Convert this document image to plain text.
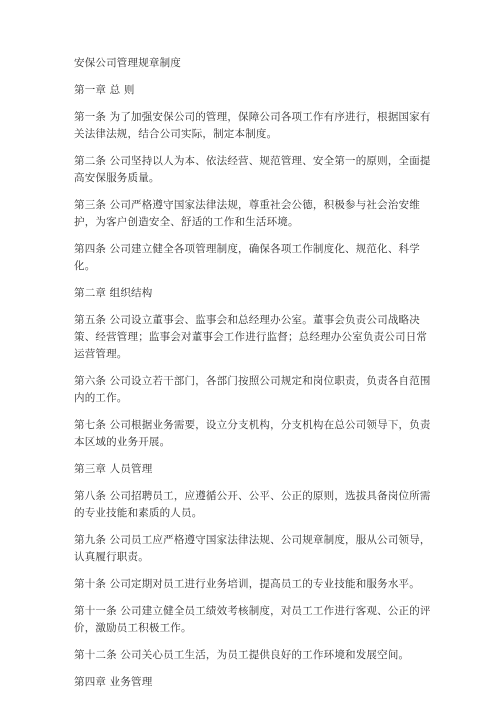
安保公司管理规章制度

第一章 总 则

第一条 为了加强安保公司的管理，保障公司各项工作有序进行，根据国家有关法律法规，结合公司实际，制定本制度。

第二条 公司坚持以人为本、依法经营、规范管理、安全第一的原则，全面提高安保服务质量。

第三条 公司严格遵守国家法律法规，尊重社会公德，积极参与社会治安维护，为客户创造安全、舒适的工作和生活环境。

第四条 公司建立健全各项管理制度，确保各项工作制度化、规范化、科学化。

第二章 组织结构

第五条 公司设立董事会、监事会和总经理办公室。董事会负责公司战略决策、经营管理；监事会对董事会工作进行监督；总经理办公室负责公司日常运营管理。

第六条 公司设立若干部门，各部门按照公司规定和岗位职责，负责各自范围内的工作。

第七条 公司根据业务需要，设立分支机构，分支机构在总公司领导下，负责本区域的业务开展。

第三章 人员管理

第八条 公司招聘员工，应遵循公开、公平、公正的原则，选拔具备岗位所需的专业技能和素质的人员。

第九条 公司员工应严格遵守国家法律法规、公司规章制度，服从公司领导，认真履行职责。

第十条 公司定期对员工进行业务培训，提高员工的专业技能和服务水平。

第十一条 公司建立健全员工绩效考核制度，对员工工作进行客观、公正的评价，激励员工积极工作。

第十二条 公司关心员工生活，为员工提供良好的工作环境和发展空间。

第四章 业务管理
